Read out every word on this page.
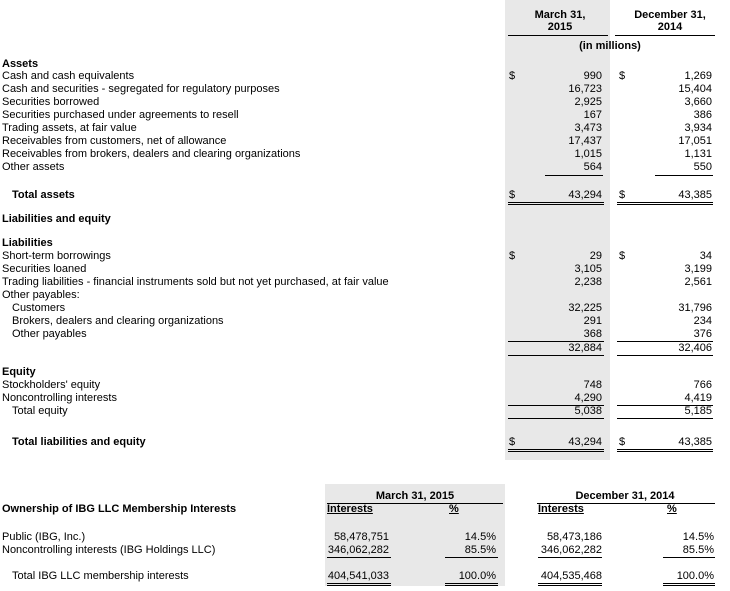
March 31,
2015
December 31,
2014
(in millions)
Assets
Cash and cash equivalents	$	990 $	1,269
Cash and securities - segregated for regulatory purposes	16,723	15,404
Securities borrowed	2,925	3,660
Securities purchased under agreements to resell	167	386
Trading assets, at fair value	3,473	3,934
Receivables from customers, net of allowance	17,437	17,051
Receivables from brokers, dealers and clearing organizations	1,015	1,131
Other assets	564	550
Total assets	$	43,294 $	43,385
Liabilities and equity
Liabilities
Short-term borrowings	$	29 $	34
Securities loaned	3,105	3,199
Trading liabilities - financial instruments sold but not yet purchased, at fair value	2,238	2,561
Other payables:
Customers	32,225	31,796
Brokers, dealers and clearing organizations	291	234
Other payables	368	376
32,884	32,406
Equity
Stockholders' equity	748	766
Noncontrolling interests	4,290	4,419
Total equity	5,038	5,185
Total liabilities and equity	$	43,294 $	43,385
March 31, 2015	December 31, 2014
Ownership of IBG LLC Membership Interests	Interests	%	Interests	%
Public (IBG, Inc.)	58,478,751	14.5%	58,473,186	14.5%
Noncontrolling interests (IBG Holdings LLC)	346,062,282	85.5%	346,062,282	85.5%
Total IBG LLC membership interests	404,541,033	100.0%	404,535,468	100.0%
